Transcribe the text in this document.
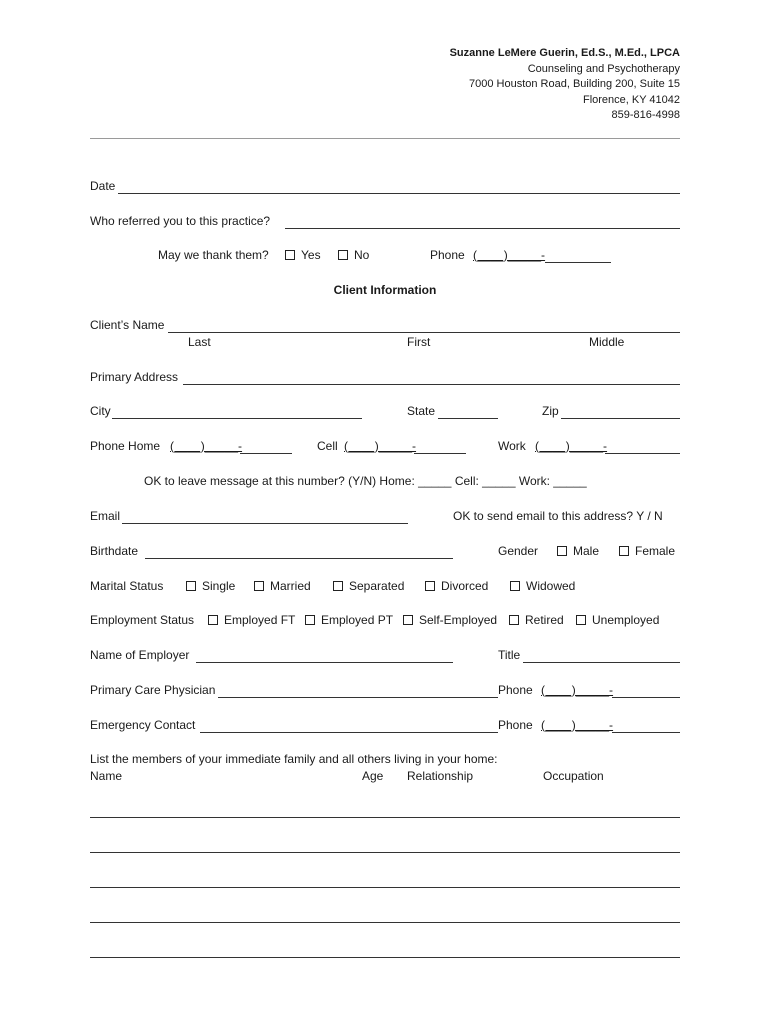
Suzanne LeMere Guerin, Ed.S., M.Ed., LPCA
Counseling and Psychotherapy
7000 Houston Road, Building 200, Suite 15
Florence, KY 41042
859-816-4998
Date
Who referred you to this practice?
May we thank them?	Yes	No	Phone (____)_____-
Client Information
Client’s Name
Last	First	Middle
Primary Address
City	State	Zip
Phone Home (____)_____-	Cell (____)_____-	Work (____)_____-
OK to leave message at this number? (Y/N) Home: _____ Cell: _____ Work: _____
Email	OK to send email to this address? Y / N
Birthdate	Gender	Male	Female
Marital Status	Single	Married	Separated	Divorced	Widowed
Employment Status	Employed FT	Employed PT	Self-Employed	Retired	Unemployed
Name of Employer	Title
Primary Care Physician	Phone (____)_____-
Emergency Contact	Phone (____)_____-
List the members of your immediate family and all others living in your home:
Name	Age Relationship	Occupation
